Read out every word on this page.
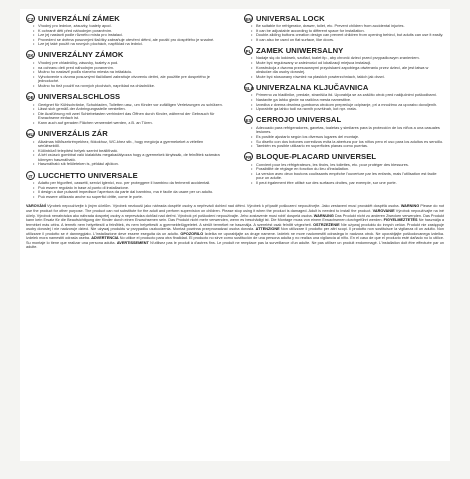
CZ UNIVERZÁLNÍ ZÁMEK
• Vhodný pro lednice, zásuvky, toalety apod.
• K ochraně dětí před náhodným poraněním.
• Lze jej nastavit podle různého místa pro instalaci.
• Provedení se dvěma posuvnými tlačítky zabraňuje otevření dětmi, ale pouští pro dospělého je snadné.
• Lze jej také použít na rovných plochách, například na lednici.
SK UNIVERZÁLNY ZÁMOK
• Vhodný pre chladničky, zásuvky, toalety a pod.
• na ochranu detí pred náhodným poranením.
• Možno ho nastaviť podľa rôzneho miesta na inštaláciu.
• Vyhotovenie s dvoma posuvnými tlačidlami zabraňuje otvoreniu deťmi, ale použitie pre dospelého je jednoduché.
• Možno ho tiež použiť na rovných plochách, napríklad na chladničke.
DE UNIVERSALSCHLOSS
• Geeignet für Kühlschränke, Schubladen, Toiletten usw., um Kinder vor zufälligen Verletzungen zu schützen.
• Lässt sich gemäß der Anbringungsstelle verstellen.
• Die Ausführung mit zwei Schiebetasten verhindert das Öffnen durch Kinder, während der Gebrauch für Erwachsene einfach ist.
• Kann auch auf geraden Flächen verwendet werden, z.B. an Türen.
HU UNIVERZÁLIS ZÁR
• Alkalmas hűtőszekrényekhez, fiókokhoz, WC-khez stb., hogy megóvja a gyermekeket a véletlen sérülésektől.
• Különböző telepítési helyek szerint beállítható.
• A két csúszó gombbal való kialakítás megakadályozza hogy a gyermekek kinyissák, de felnőttek számára könnyen használható.
• Használható sík felületeken is, például ajtókon.
IT LUCCHETTO UNIVERSALE
• Adatto per frigoriferi, cassetti, servizi igienici, ecc. per proteggere il bambino da ferimenti accidentali.
• Può essere regolato in base al punto di installazione.
• Il design a due pulsanti impedisce l'apertura da parte dal bambino, ma è facile da usare per un adulto.
• Può essere utilizzato anche su superfici dritte, come le porte.
EN UNIVERSAL LOCK
• Be suitable for refrigerator, drawer, toilet, etc. Prevent children from accidental injuries.
• It can be adjustable according to different space for installation.
• Double-sliding buttons creation design can prevent children from opening behind, but adults can use it easily.
• It can also be used on flat surface, like doors.
PL ZAMEK UNIWERSALNY
• Nadaje się do lodówek, szuflad, toalet itp., aby chronić dzieci przed przypadkowym zranieniem.
• Może być regulowany w zależności od lokalizacji miejsca instalacji.
• Konstrukcja z dwoma przesuwanymi przyciskami zapobiega otwieraniu przez dzieci, ale jest łatwa w obsłudze dla osoby dorosłej.
• Może być stosowany również na płaskich powierzchniach, takich jak drzwi.
SLO UNIVERZALNA KLJUČAVNICA
• Primerno za hladilnike, predale, stranišča itd. Uporablja se za zaščito otrok pred naključnimi poškodbami.
• Nastavite ga lahko glede na različna mesta namestitve.
• Izvedba z dvema drsnima gumboma otrokom preprečuje odpiranje, pri a množimo za uporabo dovoljenih.
• Uporabite ga lahko tudi na ravnih površinah, kot npr. vrata.
ES CERROJO UNIVERSAL
• Adecuado para refrigeradores, gavetas, toaletas y similares para la protección de los niños a una casuales lesiones.
• Es posible ajustarlo según los diversos lugares del montaje.
• Su diseño con dos botones corredizos evita la abertura por los niños pero el uso para los adultos es sencillo.
• También es posible utilizarlo en superficies planas como puertas.
FR BLOQUE-PLACARD UNIVERSEL
• Convient pour les réfrigérateurs, les tiroirs, les toilettes, etc. pour protéger des blessures.
• Possibilité de réglage en fonction du lieu d'installation.
• La version avec deux boutons coulissants empêche l'ouverture par les enfants, mais l'utilisation est facile pour un adulte.
• Il peut également être utilisé sur des surfaces droites, par exemple, sur une porte.
VAROVÁNÍ Výrobek nepoužívejte k jiným účelům. Výrobek nezkouší jako náhrada dospělé osoby a nepřevádí dohled nad dětmi. Výrobek k případě poškození nepoužívejte. Jako zestaveni musí provádět dospělá osoba. WARNING Please do not use the product for other purpose. The product can not substitute for the adult and perform supervision on children. Please stop using it when the product is damaged. Adult is needed to install the product. VAROVANIE Výrobok nepoužívajte na iné účely. Výrobok nenahrádza ako náhrada dospelej osoby a neprevádza dohľad nad deťmi. Výrobok pri poškodení nepoužívajte. Jeho zostavenie musí robiť dospelá osoba. WARNUNG Das Produkt nicht zu anderen Zwecken verwenden. Das Produkt kann kein Ersatz für die Beaufsichtigung der Kinder durch einen Erwachsenen sein. Das Produkt nicht mehr verwenden, wenn es beschädigt ist. Die Montage muss von einem Erwachsenen durchgeführt werden. FIGYELMEZTETÉS Ne használja a terméket más célra. A termék nem helyettesíti a felnőttek, és nem helyettesíti a gyermekfelügyeletet. A sérült terméket ne használja. A szerelést csak felnőtt végezheti. OSTRZEŻENIE Nie używaj produktu do innych celów. Produkt nie zastępuje osoby dorosłej i nie nadzoruje dzieci. Nie używaj produktu w przypadku uszkodzenia. Montaż powinna przeprowadzać osoba dorosła. ATTENZIONE Non utilizzare il prodotto per altri scopi. Il prodotto non sostituisce la vigilanza di un adulto. Non utilizzare il prodotto se è danneggiato. L'installazione deve essere eseguita da un adulto. OPOZORILO Izdelka ne uporabljajte za druge namene. Izdelek ne more nadomestiti odraslega in nadzora otrok. Ne uporabljajte poškodovanega izdelka. Izdelek mora namestiti odrasla oseba. ADVERTENCIA No utilice el producto para otra finalidad. El producto no sirve como sustitución de una persona adulta y no realiza una vigilancia al niño. En el caso de que el producto esté dañado no lo utilice. Su montaje lo tiene que realizar una persona adulta. AVERTISSEMENT N'utilisez pas le produit à d'autres fins. Le produit ne remplace pas la surveillance d'un adulte. Ne pas utiliser un produit endommagé. L'installation doit être effectuée par un adulte.
